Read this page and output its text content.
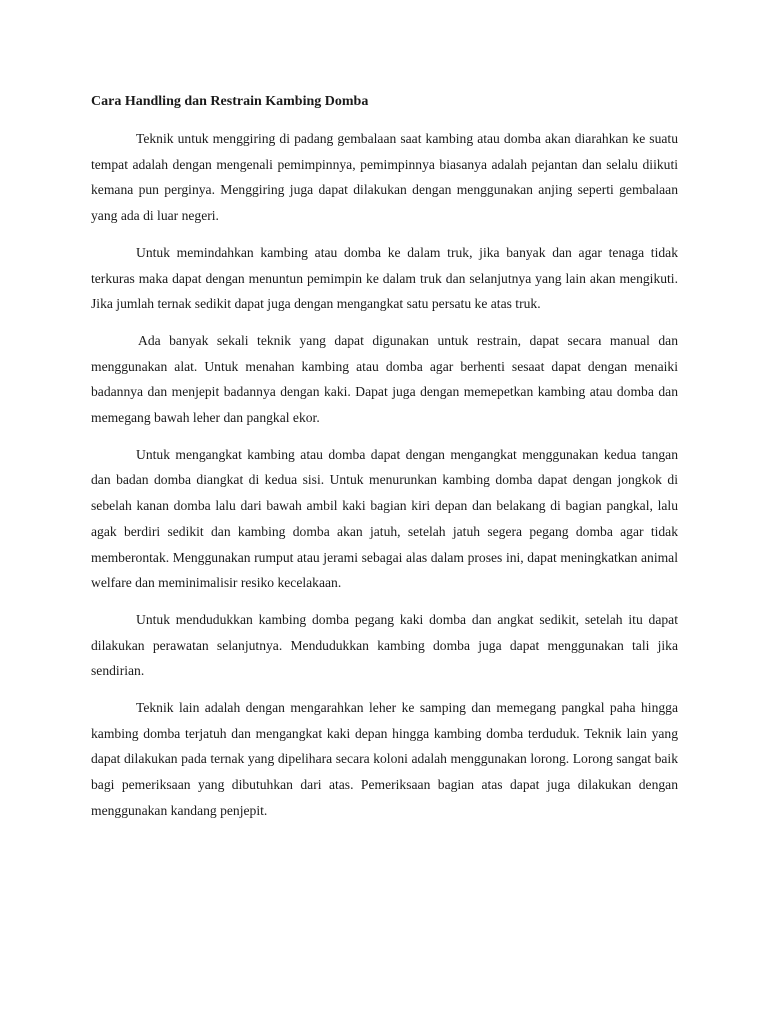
Cara Handling dan Restrain Kambing Domba

Teknik untuk menggiring di padang gembalaan saat kambing atau domba akan diarahkan ke suatu tempat adalah dengan mengenali pemimpinnya, pemimpinnya biasanya adalah pejantan dan selalu diikuti kemana pun perginya. Menggiring juga dapat dilakukan dengan menggunakan anjing seperti gembalaan yang ada di luar negeri.

Untuk memindahkan kambing atau domba ke dalam truk, jika banyak dan agar tenaga tidak terkuras maka dapat dengan menuntun pemimpin ke dalam truk dan selanjutnya yang lain akan mengikuti. Jika jumlah ternak sedikit dapat juga dengan mengangkat satu persatu ke atas truk.

Ada banyak sekali teknik yang dapat digunakan untuk restrain, dapat secara manual dan menggunakan alat. Untuk menahan kambing atau domba agar berhenti sesaat dapat dengan menaiki badannya dan menjepit badannya dengan kaki. Dapat juga dengan memepetkan kambing atau domba dan memegang bawah leher dan pangkal ekor.

Untuk mengangkat kambing atau domba dapat dengan mengangkat menggunakan kedua tangan dan badan domba diangkat di kedua sisi. Untuk menurunkan kambing domba dapat dengan jongkok di sebelah kanan domba lalu dari bawah ambil kaki bagian kiri depan dan belakang di bagian pangkal, lalu agak berdiri sedikit dan kambing domba akan jatuh, setelah jatuh segera pegang domba agar tidak memberontak. Menggunakan rumput atau jerami sebagai alas dalam proses ini, dapat meningkatkan animal welfare dan meminimalisir resiko kecelakaan.

Untuk mendudukkan kambing domba pegang kaki domba dan angkat sedikit, setelah itu dapat dilakukan perawatan selanjutnya. Mendudukkan kambing domba juga dapat menggunakan tali jika sendirian.

Teknik lain adalah dengan mengarahkan leher ke samping dan memegang pangkal paha hingga kambing domba terjatuh dan mengangkat kaki depan hingga kambing domba terduduk. Teknik lain yang dapat dilakukan pada ternak yang dipelihara secara koloni adalah menggunakan lorong. Lorong sangat baik bagi pemeriksaan yang dibutuhkan dari atas. Pemeriksaan bagian atas dapat juga dilakukan dengan menggunakan kandang penjepit.
